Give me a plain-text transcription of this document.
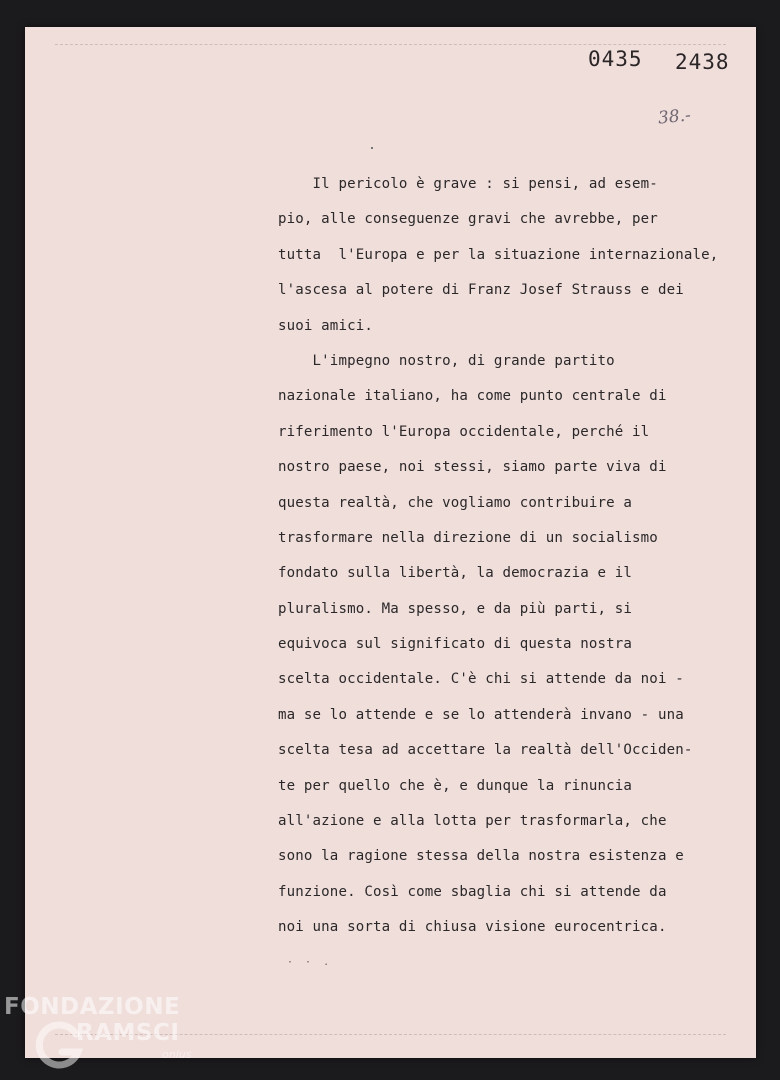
0435 2438
38.-
Il pericolo è grave : si pensi, ad esem-
pio, alle conseguenze gravi che avrebbe, per
tutta  l'Europa e per la situazione internazionale,
l'ascesa al potere di Franz Josef Strauss e dei
suoi amici.
L'impegno nostro, di grande partito
nazionale italiano, ha come punto centrale di
riferimento l'Europa occidentale, perché il
nostro paese, noi stessi, siamo parte viva di
questa realtà, che vogliamo contribuire a
trasformare nella direzione di un socialismo
fondato sulla libertà, la democrazia e il
pluralismo. Ma spesso, e da più parti, si
equivoca sul significato di questa nostra
scelta occidentale. C'è chi si attende da noi -
ma se lo attende e se lo attenderà invano - una
scelta tesa ad accettare la realtà dell'Occiden-
te per quello che è, e dunque la rinuncia
all'azione e alla lotta per trasformarla, che
sono la ragione stessa della nostra esistenza e
funzione. Così come sbaglia chi si attende da
noi una sorta di chiusa visione eurocentrica.
· · .
FONDAZIONE
RAMSCI
onlus
